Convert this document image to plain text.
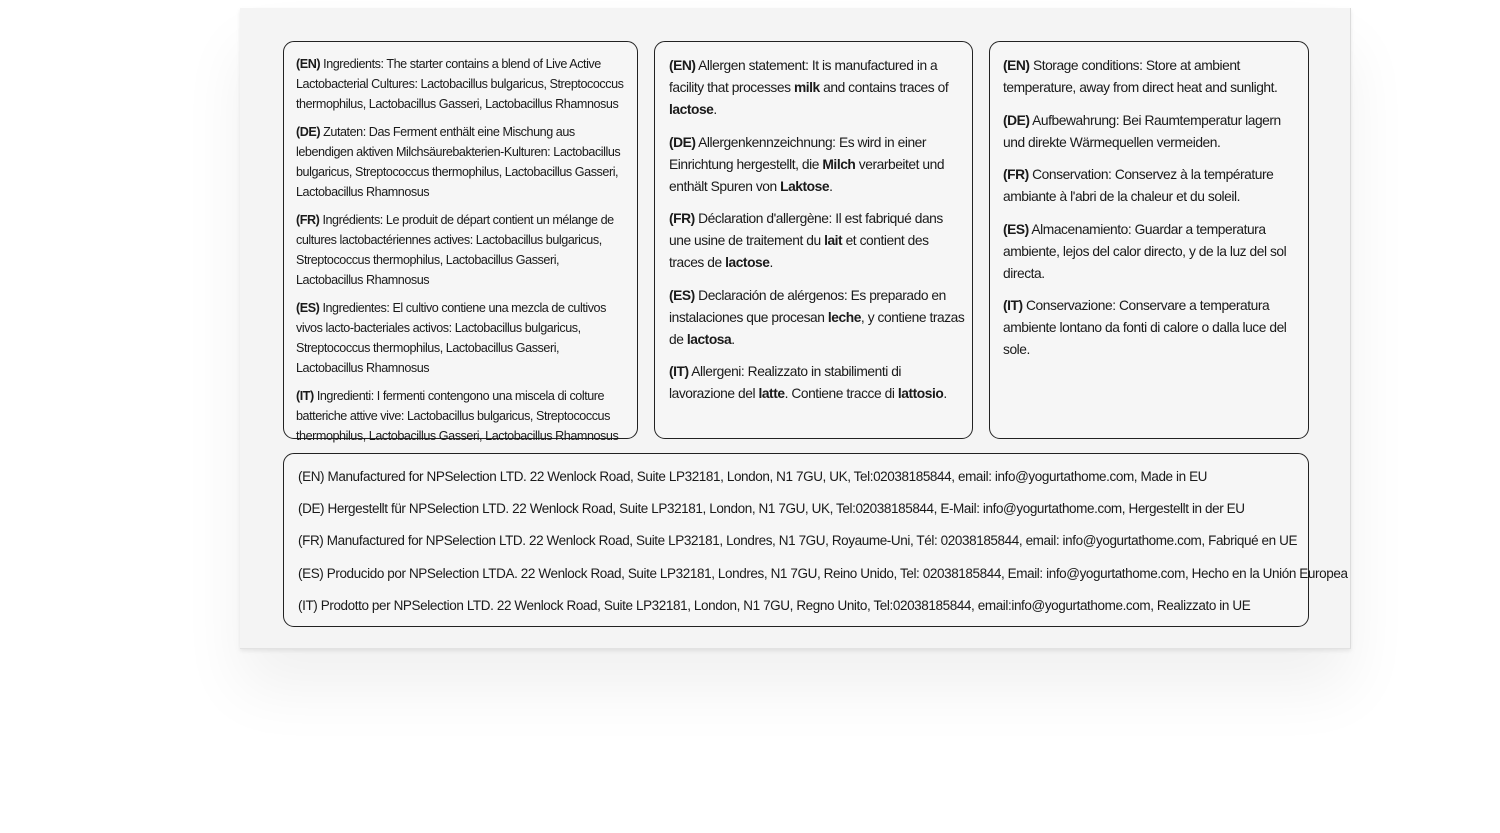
(EN) Ingredients: The starter contains a blend of Live Active Lactobacterial Cultures: Lactobacillus bulgaricus, Streptococcus thermophilus, Lactobacillus Gasseri, Lactobacillus Rhamnosus

(DE) Zutaten: Das Ferment enthält eine Mischung aus lebendigen aktiven Milchsäurebakterien-Kulturen: Lactobacillus bulgaricus, Streptococcus thermophilus, Lactobacillus Gasseri, Lactobacillus Rhamnosus

(FR) Ingrédients: Le produit de départ contient un mélange de cultures lactobactériennes actives: Lactobacillus bulgaricus, Streptococcus thermophilus, Lactobacillus Gasseri, Lactobacillus Rhamnosus

(ES) Ingredientes: El cultivo contiene una mezcla de cultivos vivos lacto-bacteriales activos: Lactobacillus bulgaricus, Streptococcus thermophilus, Lactobacillus Gasseri, Lactobacillus Rhamnosus

(IT) Ingredienti: I fermenti contengono una miscela di colture batteriche attive vive: Lactobacillus bulgaricus, Streptococcus thermophilus, Lactobacillus Gasseri, Lactobacillus Rhamnosus

(EN) Allergen statement: It is manufactured in a facility that processes milk and contains traces of lactose.

(DE) Allergenkennzeichnung: Es wird in einer Einrichtung hergestellt, die Milch verarbeitet und enthält Spuren von Laktose.

(FR) Déclaration d'allergène: Il est fabriqué dans une usine de traitement du lait et contient des traces de lactose.

(ES) Declaración de alérgenos: Es preparado en instalaciones que procesan leche, y contiene trazas de lactosa.

(IT) Allergeni: Realizzato in stabilimenti di lavorazione del latte. Contiene tracce di lattosio.

(EN) Storage conditions: Store at ambient temperature, away from direct heat and sunlight.

(DE) Aufbewahrung: Bei Raumtemperatur lagern und direkte Wärmequellen vermeiden.

(FR) Conservation: Conservez à la température ambiante à l'abri de la chaleur et du soleil.

(ES) Almacenamiento: Guardar a temperatura ambiente, lejos del calor directo, y de la luz del sol directa.

(IT) Conservazione: Conservare a temperatura ambiente lontano da fonti di calore o dalla luce del sole.

(EN) Manufactured for NPSelection LTD. 22 Wenlock Road, Suite LP32181, London, N1 7GU, UK, Tel:02038185844, email: info@yogurtathome.com, Made in EU
(DE) Hergestellt für NPSelection LTD. 22 Wenlock Road, Suite LP32181, London, N1 7GU, UK, Tel:02038185844, E-Mail: info@yogurtathome.com, Hergestellt in der EU
(FR) Manufactured for NPSelection LTD. 22 Wenlock Road, Suite LP32181, Londres, N1 7GU, Royaume-Uni, Tél: 02038185844, email: info@yogurtathome.com, Fabriqué en UE
(ES) Producido por NPSelection LTDA. 22 Wenlock Road, Suite LP32181, Londres, N1 7GU, Reino Unido, Tel: 02038185844, Email: info@yogurtathome.com, Hecho en la Unión Europea
(IT) Prodotto per NPSelection LTD. 22 Wenlock Road, Suite LP32181, London, N1 7GU, Regno Unito, Tel:02038185844, email:info@yogurtathome.com, Realizzato in UE
